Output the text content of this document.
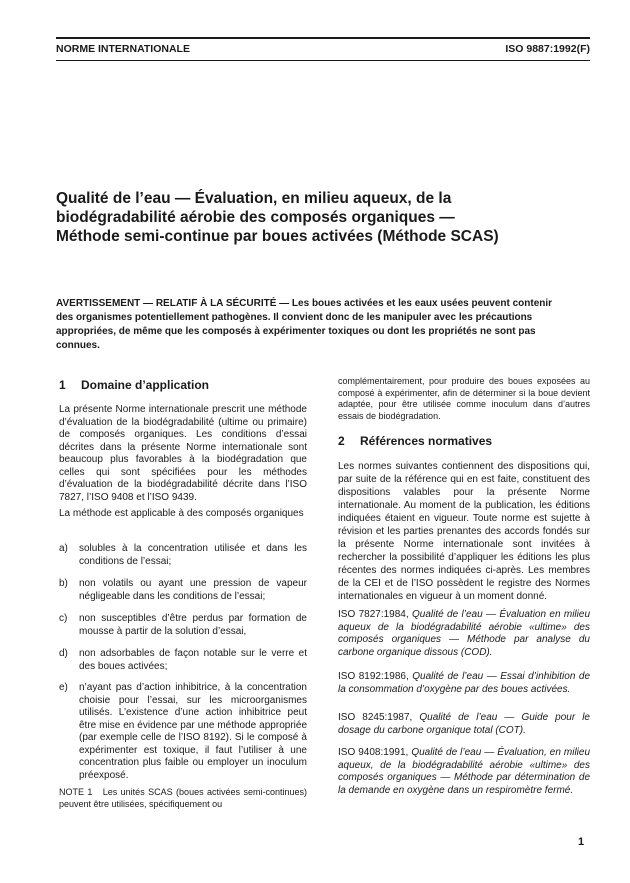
NORME INTERNATIONALE	ISO 9887:1992(F)
Qualité de l’eau — Évaluation, en milieu aqueux, de la
biodégradabilité aérobie des composés organiques —
Méthode semi-continue par boues activées (Méthode SCAS)
AVERTISSEMENT — RELATIF À LA SÉCURITÉ — Les boues activées et les eaux usées peuvent contenir
des organismes potentiellement pathogènes. Il convient donc de les manipuler avec les précautions
appropriées, de même que les composés à expérimenter toxiques ou dont les propriétés ne sont pas
connues.
1 Domaine d’application
La présente Norme internationale prescrit une méthode d’évaluation de la biodégradabilité (ultime ou primaire) de composés organiques. Les conditions d’essai décrites dans la présente Norme internationale sont beaucoup plus favorables à la biodégradation que celles qui sont spécifiées pour les méthodes d’évaluation de la biodégradabilité décrite dans l’ISO 7827, l’ISO 9408 et l’ISO 9439.
La méthode est applicable à des composés organiques
a) solubles à la concentration utilisée et dans les conditions de l’essai;
b) non volatils ou ayant une pression de vapeur négligeable dans les conditions de l’essai;
c) non susceptibles d’être perdus par formation de mousse à partir de la solution d’essai,
d) non adsorbables de façon notable sur le verre et des boues activées;
e) n’ayant pas d’action inhibitrice, à la concentration choisie pour l’essai, sur les microorganismes utilisés. L’existence d’une action inhibitrice peut être mise en évidence par une méthode appropriée (par exemple celle de l’ISO 8192). Si le composé à expérimenter est toxique, il faut l’utiliser à une concentration plus faible ou employer un inoculum préexposé.
NOTE 1 Les unités SCAS (boues activées semi-continues) peuvent être utilisées, spécifiquement ou
complémentairement, pour produire des boues exposées au composé à expérimenter, afin de déterminer si la boue devient adaptée, pour être utilisée comme inoculum dans d’autres essais de biodégradation.
2 Références normatives
Les normes suivantes contiennent des dispositions qui, par suite de la référence qui en est faite, constituent des dispositions valables pour la présente Norme internationale. Au moment de la publication, les éditions indiquées étaient en vigueur. Toute norme est sujette à révision et les parties prenantes des accords fondés sur la présente Norme internationale sont invitées à rechercher la possibilité d’appliquer les éditions les plus récentes des normes indiquées ci-après. Les membres de la CEI et de l’ISO possèdent le registre des Normes internationales en vigueur à un moment donné.
ISO 7827:1984, Qualité de l’eau — Évaluation en milieu aqueux de la biodégradabilité aérobie «ultime» des composés organiques — Méthode par analyse du carbone organique dissous (COD).
ISO 8192:1986, Qualité de l’eau — Essai d’inhibition de la consommation d’oxygène par des boues activées.
ISO 8245:1987, Qualité de l’eau — Guide pour le dosage du carbone organique total (COT).
ISO 9408:1991, Qualité de l’eau — Évaluation, en milieu aqueux, de la biodégradabilité aérobie «ultime» des composés organiques — Méthode par détermination de la demande en oxygène dans un respiromètre fermé.
1
